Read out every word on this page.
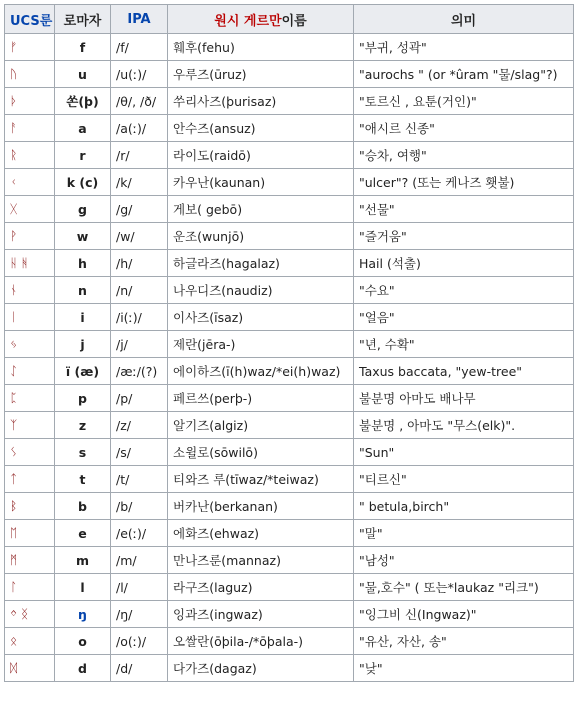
UCS룬	로마자	IPA	원시 게르만이름	의미
ᚠ	f	/f/	훼후(fehu)	"부귀, 성곽"
ᚢ	u	/u(ː)/	우루즈(ūruz)	"aurochs " (or *ûram "물/slag"?)
ᚦ	쏜(þ)	/θ/, /ð/	쑤리사즈(þurisaz)	"토르신 , 요툰(거인)"
ᚨ	a	/a(ː)/	안수즈(ansuz)	"애시르 신종"
ᚱ	r	/r/	라이도(raidō)	"승차, 여행"
ᚲ	k (c)	/k/	카우난(kaunan)	"ulcer"? (또는 케나즈 횃불)
ᚷ	g	/g/	게보( gebō)	"선물"
ᚹ	w	/w/	운조(wunjō)	"즐거움"
ᚺ ᚻ	h	/h/	하글라즈(hagalaz)	Hail (석출)
ᚾ	n	/n/	나우디즈(naudiz)	"수요"
ᛁ	i	/i(ː)/	이사즈(īsaz)	"얼음"
ᛃ	j	/j/	제란(jēra-)	"년, 수확"
ᛇ	ï (æ)	/æː/(?)	에이하즈(ī(h)waz/*ei(h)waz)	Taxus baccata, "yew-tree"
ᛈ	p	/p/	페르쓰(perþ-)	불분명 아마도 배나무
ᛉ	z	/z/	알기즈(algiz)	불분명 , 아마도 "무스(elk)".
ᛊ	s	/s/	소윌로(sōwilō)	"Sun"
ᛏ	t	/t/	티와즈 루(tīwaz/*teiwaz)	"티르신"
ᛒ	b	/b/	버카난(berkanan)	" betula,birch"
ᛖ	e	/e(ː)/	에화즈(ehwaz)	"말"
ᛗ	m	/m/	만나즈룬(mannaz)	"남성"
ᛚ	l	/l/	라구즈(laguz)	"물,호수" ( 또는*laukaz "리크")
ᛜ ᛝ	ŋ	/ŋ/	잉과즈(ingwaz)	"잉그비 신(Ingwaz)"
ᛟ	o	/o(ː)/	오쌀란(ōþila-/*ōþala-)	"유산, 자산, 송"
ᛞ	d	/d/	다가즈(dagaz)	"낮"
